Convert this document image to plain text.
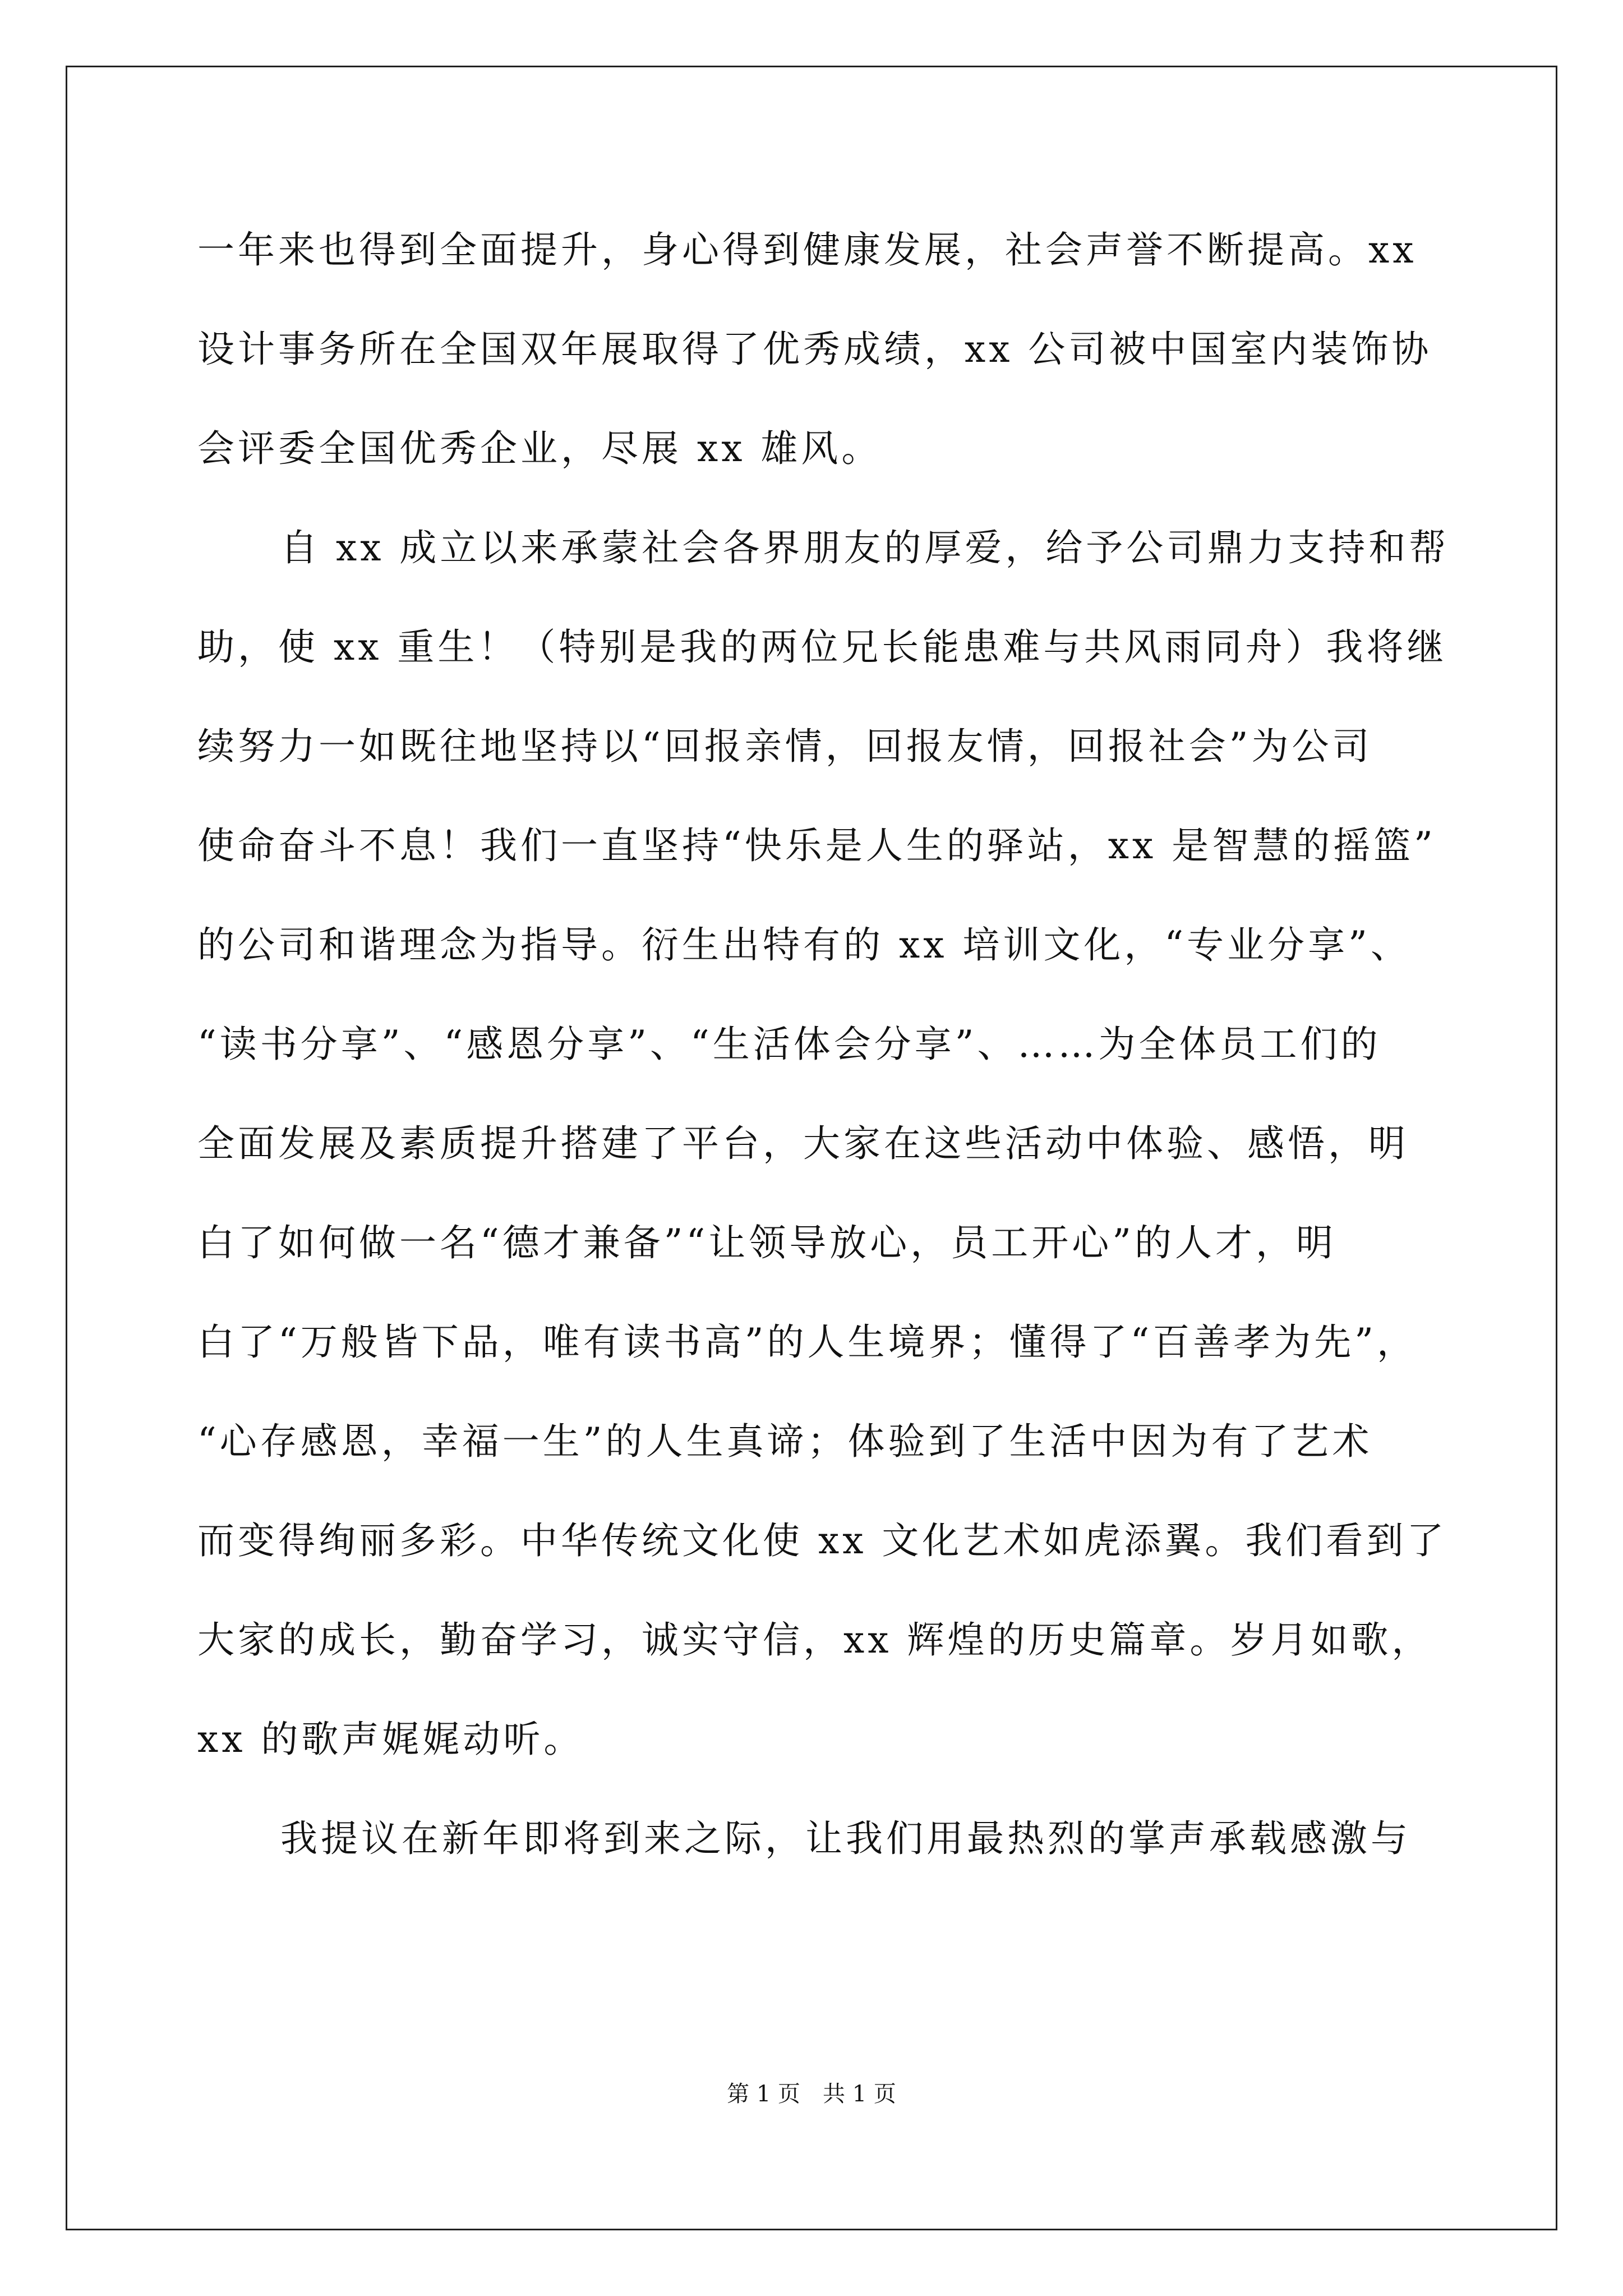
一年来也得到全面提升，身心得到健康发展，社会声誉不断提高。xx
设计事务所在全国双年展取得了优秀成绩，xx 公司被中国室内装饰协
会评委全国优秀企业，尽展 xx 雄风。
自 xx 成立以来承蒙社会各界朋友的厚爱，给予公司鼎力支持和帮
助，使 xx 重生！（特别是我的两位兄长能患难与共风雨同舟）我将继
续努力一如既往地坚持以“回报亲情，回报友情，回报社会”为公司
使命奋斗不息！我们一直坚持“快乐是人生的驿站，xx 是智慧的摇篮”
的公司和谐理念为指导。衍生出特有的 xx 培训文化，“专业分享”、
“读书分享”、“感恩分享”、“生活体会分享”、……为全体员工们的
全面发展及素质提升搭建了平台，大家在这些活动中体验、感悟，明
白了如何做一名“德才兼备”“让领导放心，员工开心”的人才，明
白了“万般皆下品，唯有读书高”的人生境界；懂得了“百善孝为先”，
“心存感恩，幸福一生”的人生真谛；体验到了生活中因为有了艺术
而变得绚丽多彩。中华传统文化使 xx 文化艺术如虎添翼。我们看到了
大家的成长，勤奋学习，诚实守信，xx 辉煌的历史篇章。岁月如歌，
xx 的歌声娓娓动听。
我提议在新年即将到来之际，让我们用最热烈的掌声承载感激与
第 1 页 共 1 页
